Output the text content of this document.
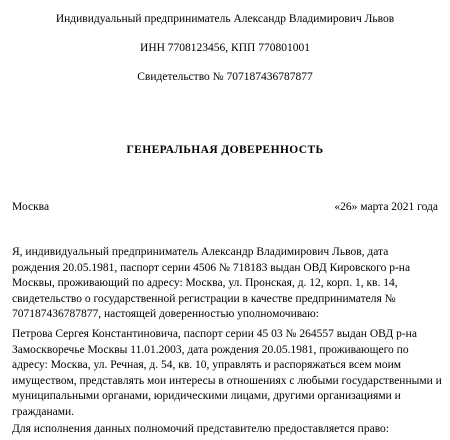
Индивидуальный предприниматель Александр Владимирович Львов
ИНН 7708123456, КПП 770801001
Свидетельство № 707187436787877
ГЕНЕРАЛЬНАЯ ДОВЕРЕННОСТЬ
Москва	«26» марта 2021 года
Я, индивидуальный предприниматель Александр Владимирович Львов, дата
рождения 20.05.1981, паспорт серии 4506 № 718183 выдан ОВД Кировского р-на
Москвы, проживающий по адресу: Москва, ул. Пронская, д. 12, корп. 1, кв. 14,
свидетельство о государственной регистрации в качестве предпринимателя №
707187436787877, настоящей доверенностью уполномочиваю:
Петрова Сергея Константиновича, паспорт серии 45 03 № 264557 выдан ОВД р-на
Замоскворечье Москвы 11.01.2003, дата рождения 20.05.1981, проживающего по
адресу: Москва, ул. Речная, д. 54, кв. 10, управлять и распоряжаться всем моим
имуществом, представлять мои интересы в отношениях с любыми государственными и
муниципальными органами, юридическими лицами, другими организациями и
гражданами.
Для исполнения данных полномочий представителю предоставляется право:
